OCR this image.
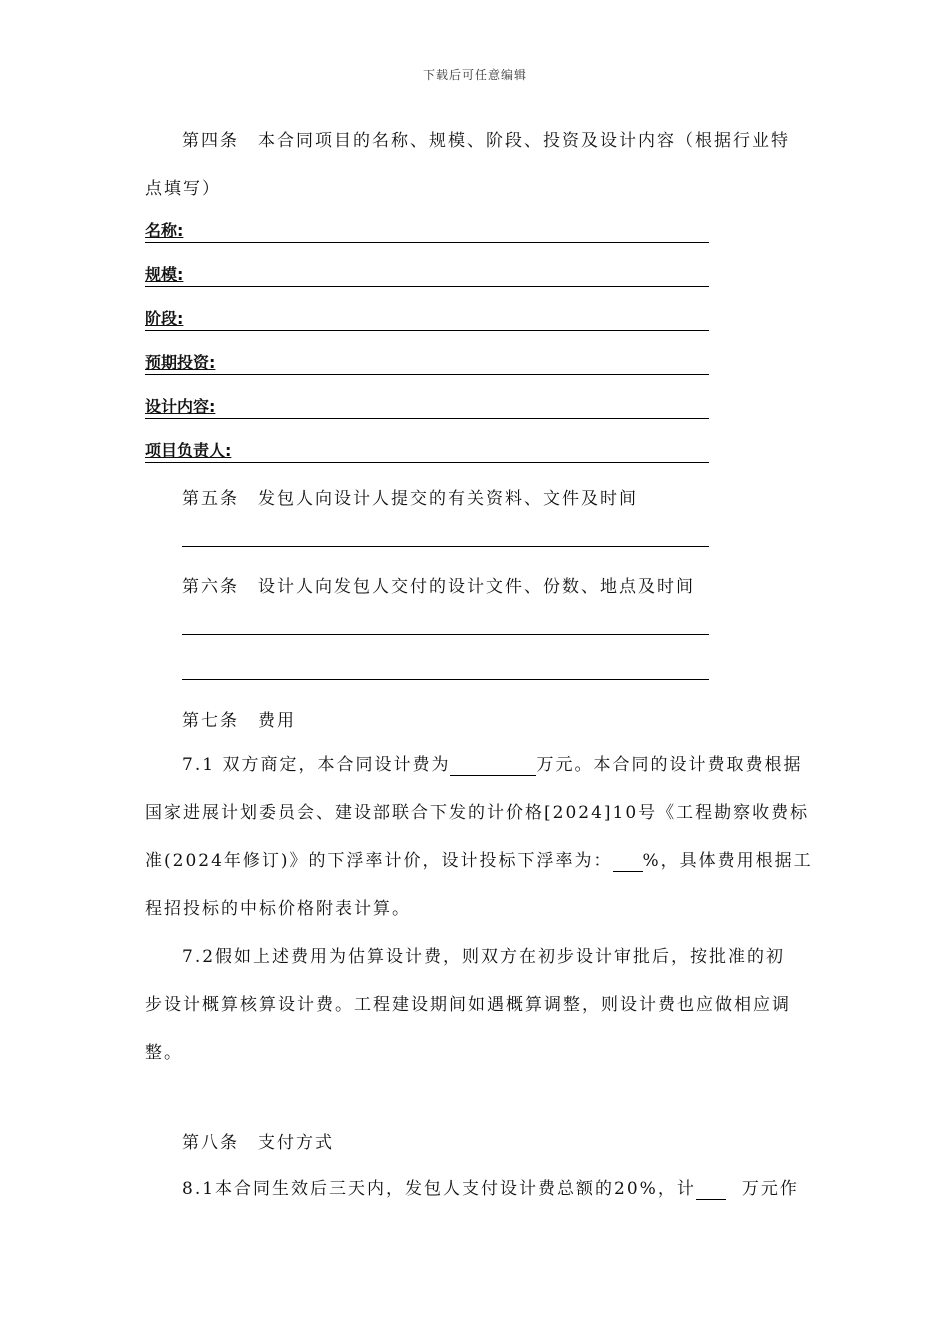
下载后可任意编辑
第四条　本合同项目的名称、规模、阶段、投资及设计内容（根据行业特
点填写）
名称:
规模:
阶段:
预期投资:
设计内容:
项目负责人:
第五条　发包人向设计人提交的有关资料、文件及时间
第六条　设计人向发包人交付的设计文件、份数、地点及时间
第七条　费用
7.1 双方商定，本合同设计费为	万元。本合同的设计费取费根据
国家进展计划委员会、建设部联合下发的计价格[2024]10号《工程勘察收费标
准(2024年修订)》的下浮率计价，设计投标下浮率为： %，具体费用根据工
程招投标的中标价格附表计算。
7.2假如上述费用为估算设计费，则双方在初步设计审批后，按批准的初
步设计概算核算设计费。工程建设期间如遇概算调整，则设计费也应做相应调
整。
第八条　支付方式
8.1本合同生效后三天内，发包人支付设计费总额的20%，计	万元作
